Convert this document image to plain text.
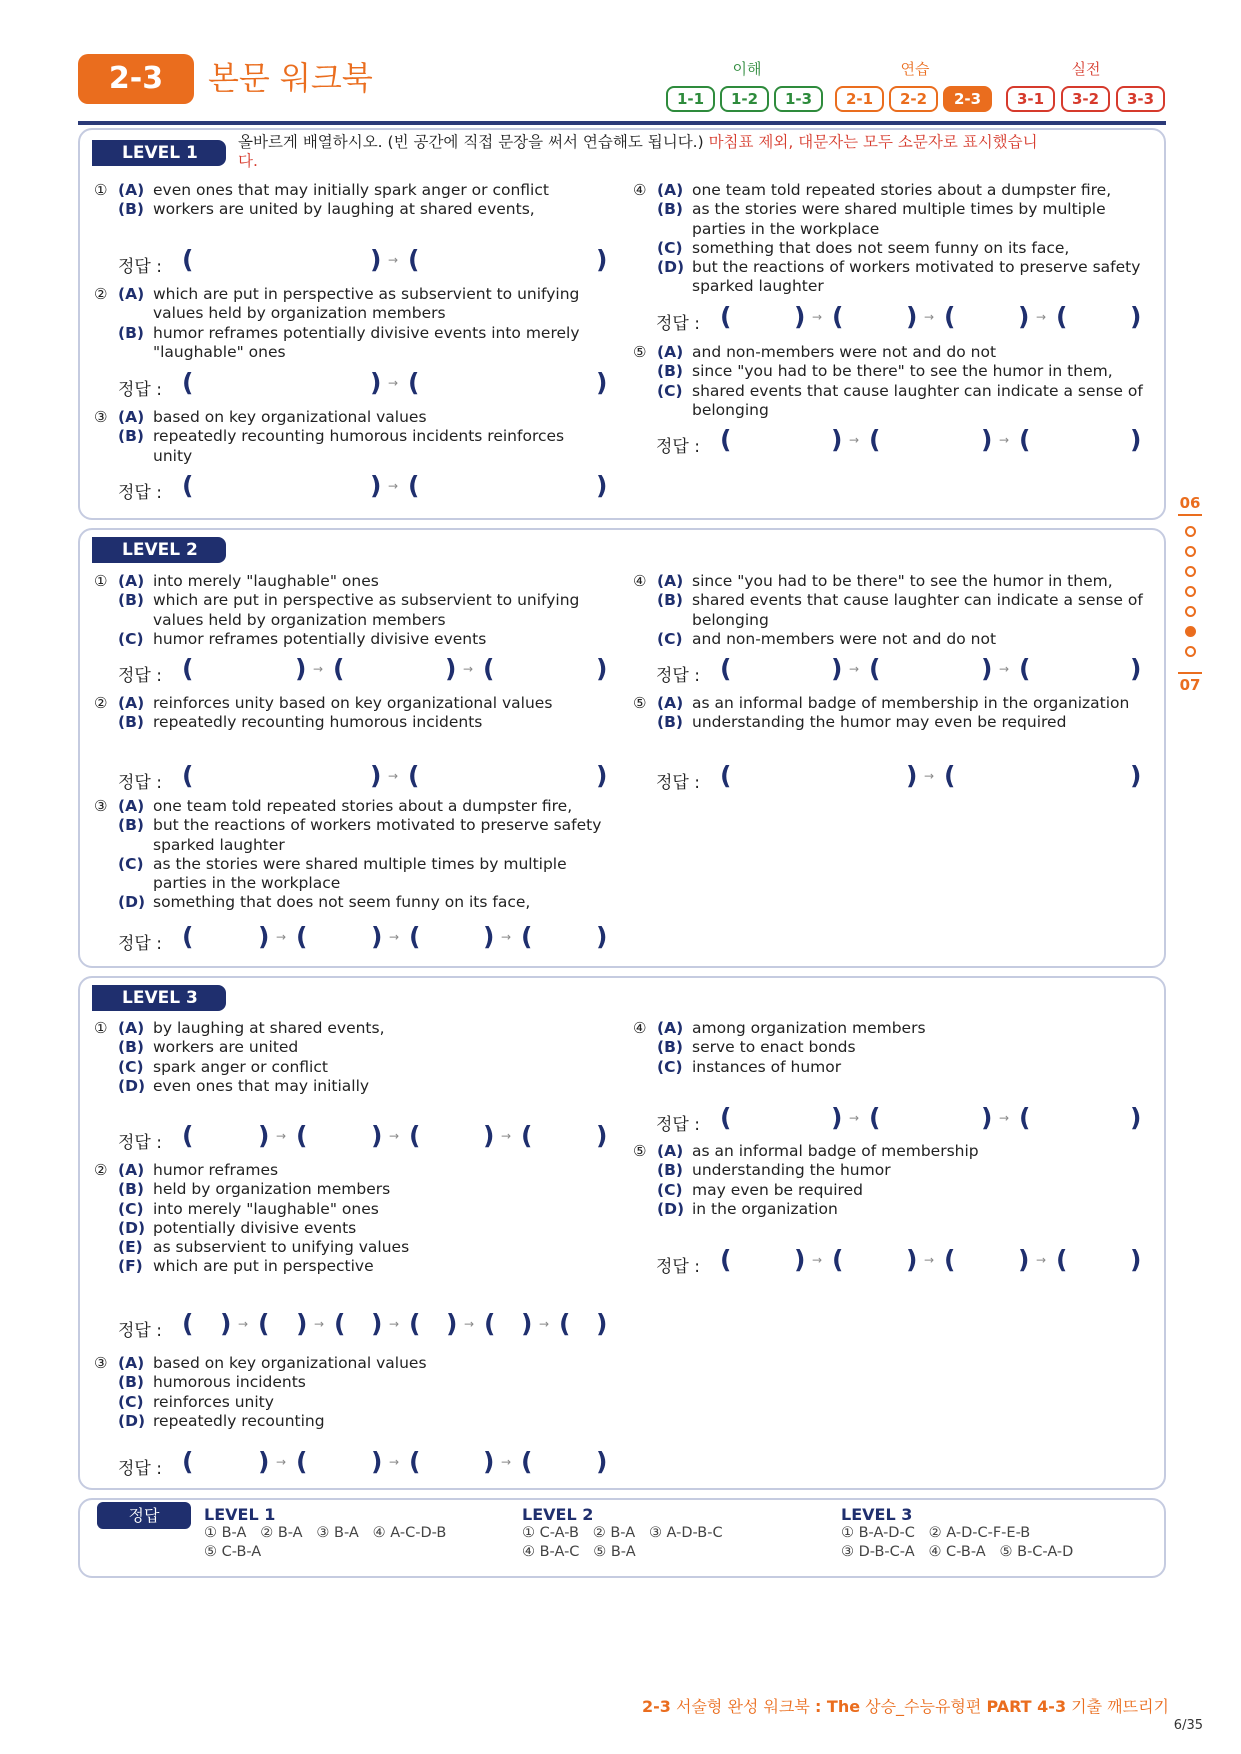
2-3	본문 워크북	이해	연습	실전
1-1	1-2	1-3	2-1	2-2	2-3	3-1	3-2	3-3
LEVEL 1
올바르게 배열하시오. (빈 공간에 직접 문장을 써서 연습해도 됩니다.) 마침표 제외, 대문자는 모두 소문자로 표시했습니
다.
① (A) even ones that may initially spark anger or conflict
(B) workers are united by laughing at shared events,
정답 : (	) → (	)
② (A) which are put in perspective as subservient to unifying values held by organization members
(B) humor reframes potentially divisive events into merely "laughable" ones
정답 : (	) → (	)
③ (A) based on key organizational values
(B) repeatedly recounting humorous incidents reinforces unity
정답 : (	) → (	)
④ (A) one team told repeated stories about a dumpster fire,
(B) as the stories were shared multiple times by multiple parties in the workplace
(C) something that does not seem funny on its face,
(D) but the reactions of workers motivated to preserve safety sparked laughter
정답 : (	) → (	) → (	) → (	)
⑤ (A) and non-members were not and do not
(B) since "you had to be there" to see the humor in them,
(C) shared events that cause laughter can indicate a sense of belonging
정답 : (	) → (	) → (	)
LEVEL 2
① (A) into merely "laughable" ones
(B) which are put in perspective as subservient to unifying values held by organization members
(C) humor reframes potentially divisive events
정답 : (	) → (	) → (	)
② (A) reinforces unity based on key organizational values
(B) repeatedly recounting humorous incidents
정답 : (	) → (	)
③ (A) one team told repeated stories about a dumpster fire,
(B) but the reactions of workers motivated to preserve safety sparked laughter
(C) as the stories were shared multiple times by multiple parties in the workplace
(D) something that does not seem funny on its face,
정답 : (	) → (	) → (	) → (	)
④ (A) since "you had to be there" to see the humor in them,
(B) shared events that cause laughter can indicate a sense of belonging
(C) and non-members were not and do not
정답 : (	) → (	) → (	)
⑤ (A) as an informal badge of membership in the organization
(B) understanding the humor may even be required
정답 : (	) → (	)
LEVEL 3
① (A) by laughing at shared events,
(B) workers are united
(C) spark anger or conflict
(D) even ones that may initially
정답 : (	) → (	) → (	) → (	)
② (A) humor reframes
(B) held by organization members
(C) into merely "laughable" ones
(D) potentially divisive events
(E) as subservient to unifying values
(F) which are put in perspective
정답 : ( ) → ( ) → ( ) → ( ) → ( ) → ( )
③ (A) based on key organizational values
(B) humorous incidents
(C) reinforces unity
(D) repeatedly recounting
정답 : (	) → (	) → (	) → (	)
④ (A) among organization members
(B) serve to enact bonds
(C) instances of humor
정답 : (	) → (	) → (	)
⑤ (A) as an informal badge of membership
(B) understanding the humor
(C) may even be required
(D) in the organization
정답 : (	) → (	) → (	) → (	)
정답	LEVEL 1
① B-A   ② B-A   ③ B-A   ④ A-C-D-B
⑤ C-B-A
LEVEL 2
① C-A-B   ② B-A   ③ A-D-B-C
④ B-A-C   ⑤ B-A
LEVEL 3
① B-A-D-C   ② A-D-C-F-E-B
③ D-B-C-A   ④ C-B-A   ⑤ B-C-A-D
06
07
2-3 서술형 완성 워크북 : The 상승_수능유형편 PART 4-3 기출 깨뜨리기
6/35
